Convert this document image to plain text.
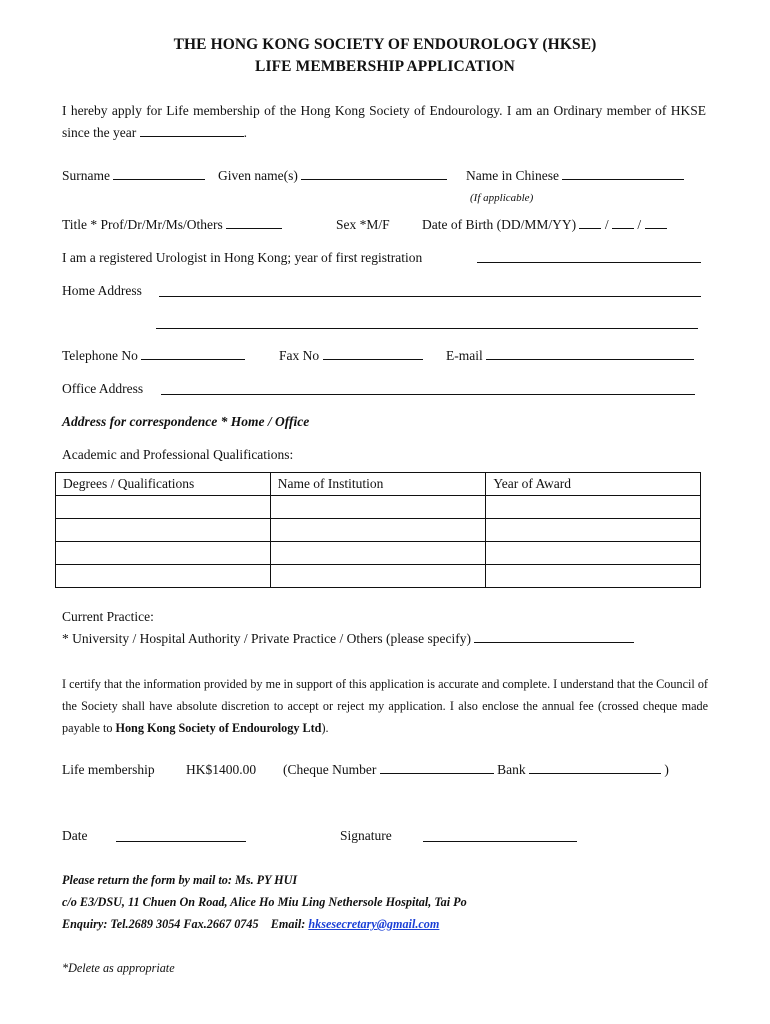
THE HONG KONG SOCIETY OF ENDOUROLOGY (HKSE)
LIFE MEMBERSHIP APPLICATION
I hereby apply for Life membership of the Hong Kong Society of Endourology. I am an Ordinary member of HKSE since the year	.
Surname	Given name(s)	Name in Chinese
(If applicable)
Title * Prof/Dr/Mr/Ms/Others	Sex *M/F Date of Birth (DD/MM/YY) / /
I am a registered Urologist in Hong Kong; year of first registration
Home Address
Telephone No	Fax No	E-mail
Office Address
Address for correspondence * Home / Office
Academic and Professional Qualifications:
Degrees / Qualifications	Name of Institution	Year of Award

Current Practice:
* University / Hospital Authority / Private Practice / Others (please specify)
I certify that the information provided by me in support of this application is accurate and complete. I understand that the Council of the Society shall have absolute discretion to accept or reject my application. I also enclose the annual fee (crossed cheque made payable to Hong Kong Society of Endourology Ltd).
Life membership HK$1400.00 (Cheque Number	Bank	)
Date	Signature
Please return the form by mail to: Ms. PY HUI
c/o E3/DSU, 11 Chuen On Road, Alice Ho Miu Ling Nethersole Hospital, Tai Po
Enquiry: Tel.2689 3054 Fax.2667 0745 Email: hksesecretary@gmail.com
*Delete as appropriate
